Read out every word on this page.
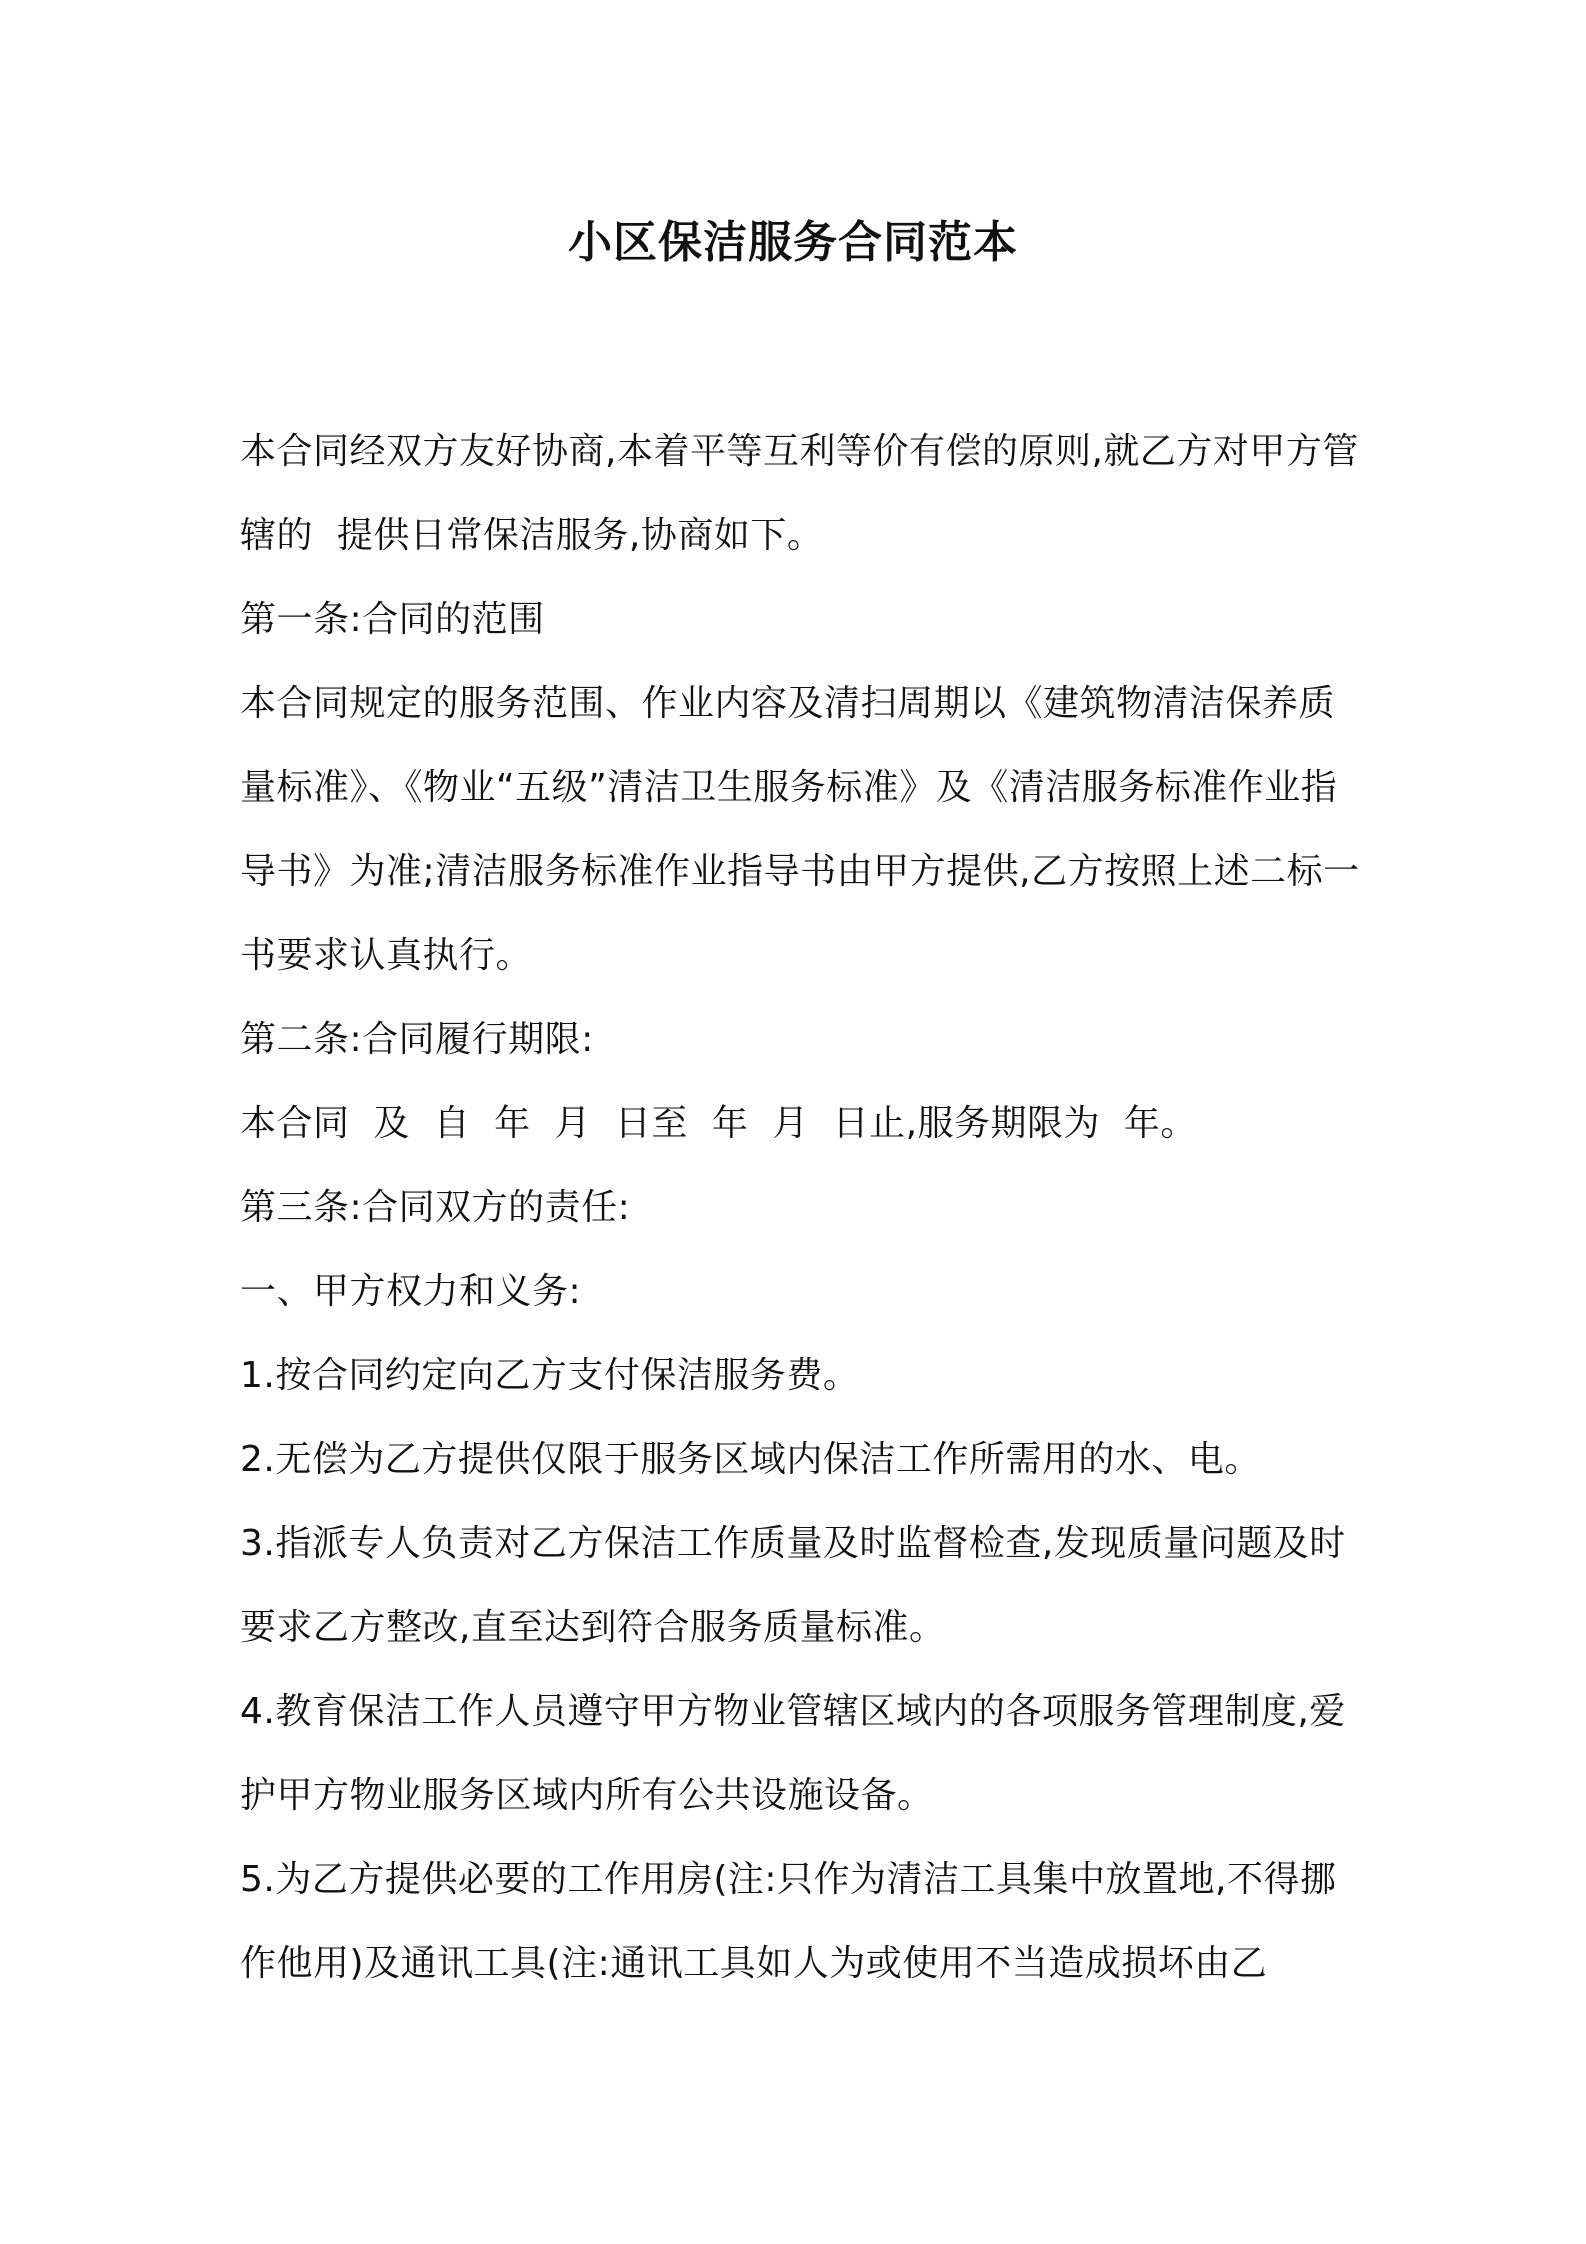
小区保洁服务合同范本

本合同经双方友好协商,本着平等互利等价有偿的原则,就乙方对甲方管辖的  提供日常保洁服务,协商如下。

第一条:合同的范围

本合同规定的服务范围、作业内容及清扫周期以《建筑物清洁保养质量标准》、《物业“五级”清洁卫生服务标准》及《清洁服务标准作业指导书》为准;清洁服务标准作业指导书由甲方提供,乙方按照上述二标一书要求认真执行。

第二条:合同履行期限:

本合同  及  自  年  月  日至  年  月  日止,服务期限为  年。

第三条:合同双方的责任:

一、甲方权力和义务:

1.按合同约定向乙方支付保洁服务费。

2.无偿为乙方提供仅限于服务区域内保洁工作所需用的水、电。

3.指派专人负责对乙方保洁工作质量及时监督检查,发现质量问题及时要求乙方整改,直至达到符合服务质量标准。

4.教育保洁工作人员遵守甲方物业管辖区域内的各项服务管理制度,爱护甲方物业服务区域内所有公共设施设备。

5.为乙方提供必要的工作用房(注:只作为清洁工具集中放置地,不得挪作他用)及通讯工具(注:通讯工具如人为或使用不当造成损坏由乙
